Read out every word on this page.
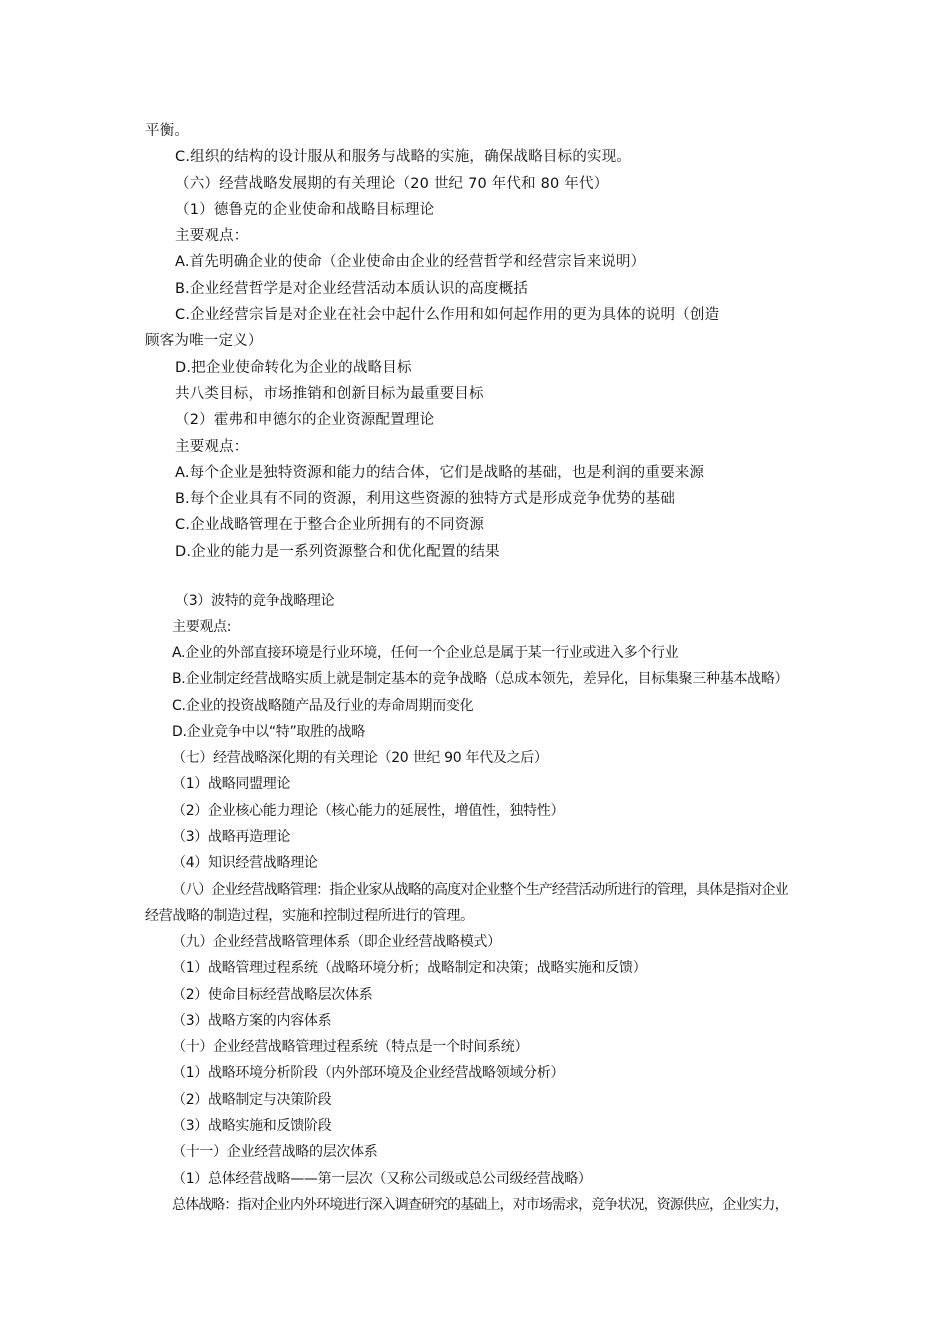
平衡。
C.组织的结构的设计服从和服务与战略的实施，确保战略目标的实现。
（六）经营战略发展期的有关理论（20 世纪 70 年代和 80 年代）
（1）德鲁克的企业使命和战略目标理论
主要观点：
A.首先明确企业的使命（企业使命由企业的经营哲学和经营宗旨来说明）
B.企业经营哲学是对企业经营活动本质认识的高度概括
C.企业经营宗旨是对企业在社会中起什么作用和如何起作用的更为具体的说明（创造
顾客为唯一定义）
D.把企业使命转化为企业的战略目标
共八类目标，市场推销和创新目标为最重要目标
（2）霍弗和申德尔的企业资源配置理论
主要观点：
A.每个企业是独特资源和能力的结合体，它们是战略的基础，也是利润的重要来源
B.每个企业具有不同的资源，利用这些资源的独特方式是形成竞争优势的基础
C.企业战略管理在于整合企业所拥有的不同资源
D.企业的能力是一系列资源整合和优化配置的结果
（3）波特的竞争战略理论
主要观点:
A.企业的外部直接环境是行业环境，任何一个企业总是属于某一行业或进入多个行业
B.企业制定经营战略实质上就是制定基本的竞争战略（总成本领先，差异化，目标集聚三种基本战略）
C.企业的投资战略随产品及行业的寿命周期而变化
D.企业竞争中以“特”取胜的战略
（七）经营战略深化期的有关理论（20 世纪 90 年代及之后）
（1）战略同盟理论
（2）企业核心能力理论（核心能力的延展性，增值性，独特性）
（3）战略再造理论
（4）知识经营战略理论
（八）企业经营战略管理：指企业家从战略的高度对企业整个生产经营活动所进行的管理，具体是指对企业
经营战略的制造过程，实施和控制过程所进行的管理。
（九）企业经营战略管理体系（即企业经营战略模式）
（1）战略管理过程系统（战略环境分析；战略制定和决策；战略实施和反馈）
（2）使命目标经营战略层次体系
（3）战略方案的内容体系
（十）企业经营战略管理过程系统（特点是一个时间系统）
（1）战略环境分析阶段（内外部环境及企业经营战略领域分析）
（2）战略制定与决策阶段
（3）战略实施和反馈阶段
（十一）企业经营战略的层次体系
（1）总体经营战略——第一层次（又称公司级或总公司级经营战略）
总体战略：指对企业内外环境进行深入调查研究的基础上，对市场需求，竞争状况，资源供应，企业实力，
